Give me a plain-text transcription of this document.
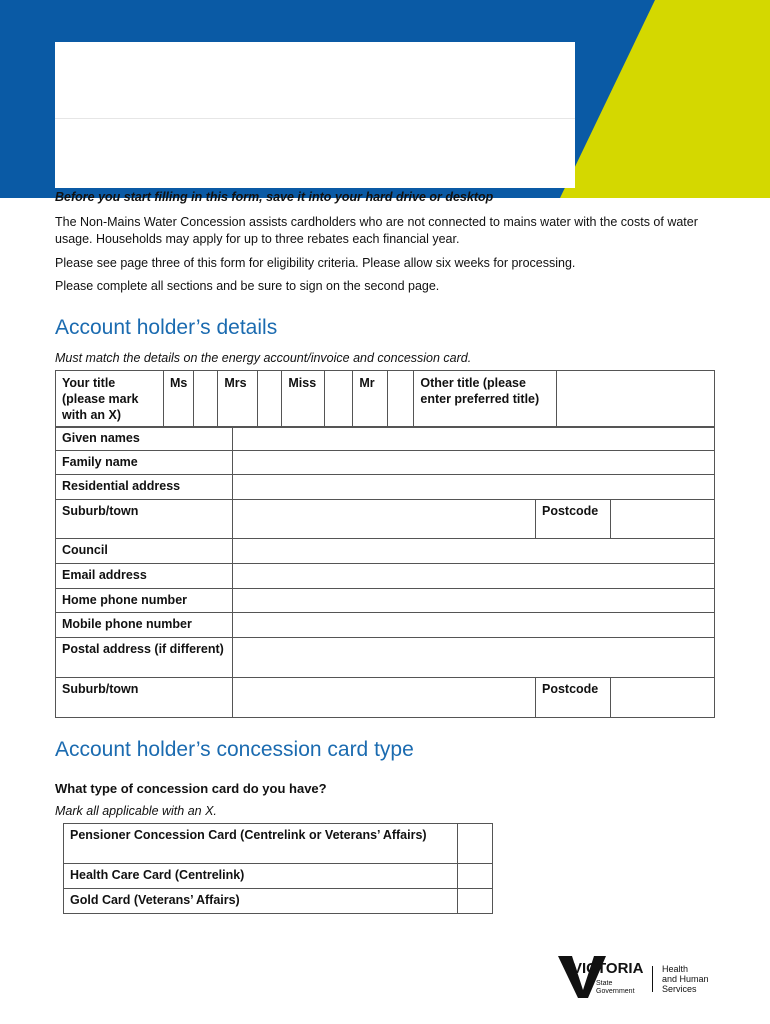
Before you start filling in this form, save it into your hard drive or desktop
The Non-Mains Water Concession assists cardholders who are not connected to mains water with the costs of water usage. Households may apply for up to three rebates each financial year.
Please see page three of this form for eligibility criteria. Please allow six weeks for processing.
Please complete all sections and be sure to sign on the second page.
Account holder’s details
Must match the details on the energy account/invoice and concession card.
Your title (please mark with an X)	Ms		Mrs		Miss		Mr		Other title (please enter preferred title)	
Given names			
Family name			
Residential address			
Suburb/town		Postcode	
Council			
Email address			
Home phone number			
Mobile phone number			
Postal address (if different)			
Suburb/town		Postcode	
Account holder’s concession card type
What type of concession card do you have?
Mark all applicable with an X.
Pensioner Concession Card (Centrelink or Veterans’ Affairs)	
Health Care Card (Centrelink)	
Gold Card (Veterans’ Affairs)	
VICTORIA
State
Government
Health
and Human
Services
